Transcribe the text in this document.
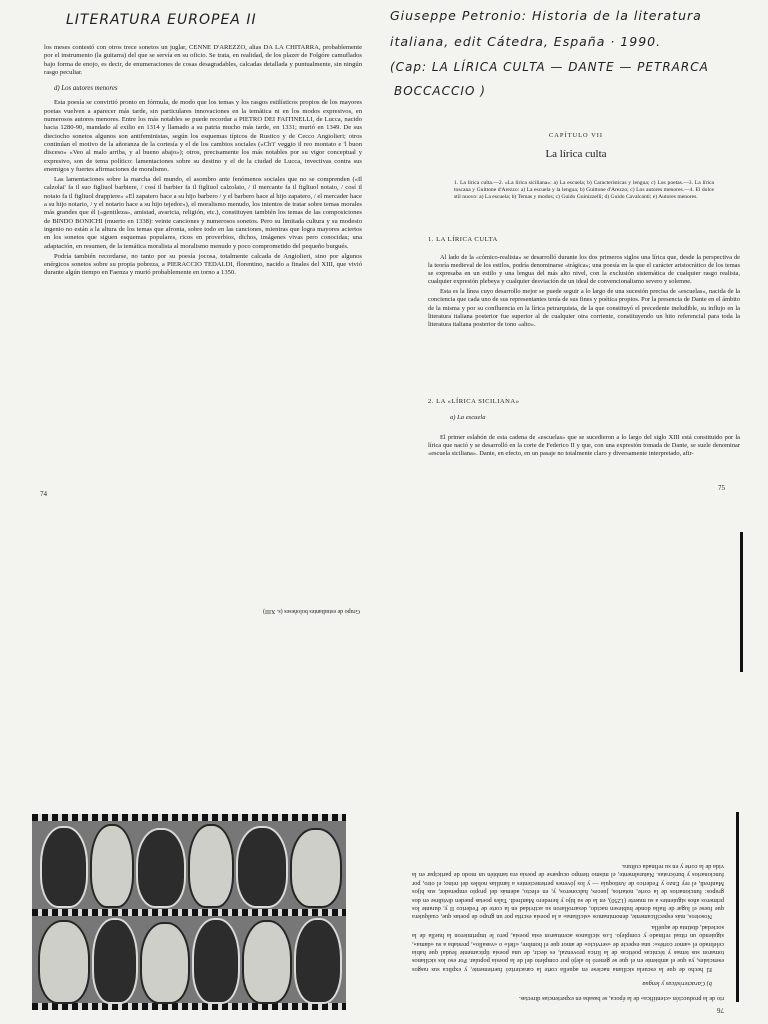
LITERATURA EUROPEA II

los meses contestó con otros trece sonetos un juglar, CENNE D'AREZZO, alias DA LA CHITARRA, probablemente por el instrumento (la guitarra) del que se servía en su oficio. Se trata, en realidad, de los plazer de Folgóre camuflados bajo forma de enojo, es decir, de enumeraciones de cosas desagradables, calcadas detallada y puntualmente, sin ningún rasgo peculiar.

d) Los autores menores

Esta poesía se convirtió pronto en fórmula, de modo que los temas y los rasgos estilísticos propios de los mayores poetas vuelven a aparecer más tarde, sin particulares innovaciones en la temática ni en los modos expresivos, en numerosos autores menores. Entre los más notables se puede recordar a PIETRO DEI FAITINELLI, de Lucca, nacido hacia 1280-90, mandado al exilio en 1314 y llamado a su patria mucho más tarde, en 1331; murió en 1349. De sus dieciocho sonetos algunos son antifeministas, según los esquemas típicos de Rustico y de Cecco Angiolieri; otros continúan el motivo de la añoranza de la cortesía y el de los cambios sociales («Ch'i' veggio il reo montato e 'l buon disceso» «Veo al malo arriba, y al bueno abajo»); otros, precisamente los más notables por su vigor conceptual y expresivo, son de tema político: lamentaciones sobre su destino y el de la ciudad de Lucca, invectivas contra sus enemigos y fuertes afirmaciones de moralismo.

Las lamentaciones sobre la marcha del mundo, el asombro ante fenómenos sociales que no se comprenden («Il calzolai' fa il suo figliuol barbiere, / cosí il barbier fa il figliuol calzolaio, / il mercante fa il figliuol notaio, / cosí il notaio fa il figliuol drappiere» «El zapatero hace a su hijo barbero / y el barbero hace al hijo zapatero, / el mercader hace a su hijo notario, / y el notario hace a su hijo tejedor»), el moralismo menudo, los intentos de tratar sobre temas morales más grandes que él («gentileza», amistad, avaricia, religión, etc.), constituyen también los temas de las composiciones de BINDO BONICHI (muerto en 1338): veinte canciones y numerosos sonetos. Pero su limitada cultura y su modesto ingenio no están a la altura de los temas que afronta, sobre todo en las canciones, mientras que logra mayores aciertos en los sonetos que siguen esquemas populares, ricos en proverbios, dichos, imágenes vivas pero conocidas; una adaptación, en resumen, de la temática moralista al moralismo menudo y poco comprometido del pequeño burgués.

Podría también recordarse, no tanto por su poesía jocosa, totalmente calcada de Angiolieri, sino por algunos enérgicos sonetos sobre su propia pobreza, a PIERACCIO TEDALDI, florentino, nacido a finales del XIII, que vivió durante algún tiempo en Faenza y murió probablemente en torno a 1350.

74
Giuseppe Petronio: Historia de la literatura
italiana, edit Cátedra, España · 1990.
(Cap: LA LÍRICA CULTA — DANTE — PETRARCA
BOCCACCIO )
CAPÍTULO VII
La lírica culta
1. La lírica culta.—2. «La lírica siciliana»: a) La escuela; b) Características y lengua; c) Los poetas.—3. La lírica toscana y Guittone d'Arezzo: a) La escuela y la lengua; b) Guittone d'Arezzo; c) Los autores menores.—4. El dolce stil nuovo: a) La escuela; b) Temas y modos; c) Guido Guinizzelli; d) Guido Cavalcanti; e) Autores menores.
1. LA LÍRICA CULTA

Al lado de la «cómico-realista» se desarrolló durante los dos primeros siglos una lírica que, desde la perspectiva de la teoría medieval de los estilos, podría denominarse «trágica»; una poesía en la que el carácter aristocrático de los temas se expresaba en un estilo y una lengua del más alto nivel, con la exclusión sistemática de cualquier rasgo realista, cualquier expresión plebeya y cualquier desviación de un ideal de convencionalismo severo y solemne.

Esta es la línea cuyo desarrollo mejor se puede seguir a lo largo de una sucesión precisa de «escuelas», nacida de la conciencia que cada uno de sus representantes tenía de sus fines y poética propios. Por la presencia de Dante en el ámbito de la misma y por su confluencia en la lírica petrarquista, de la que constituyó el precedente ineludible, su influjo en la literatura italiana posterior fue superior al de cualquier otra corriente, constituyendo un hito referencial para toda la literatura italiana posterior de tono «alto».

2. LA «LÍRICA SICILIANA»
a) La escuela

El primer eslabón de esta cadena de «escuelas» que se sucedieron a lo largo del siglo XIII está constituido por la lírica que nació y se desarrolló en la corte de Federico II y que, con una expresión tomada de Dante, se suele denominar «escuela siciliana». Dante, en efecto, en un pasaje no totalmente claro y diversamente interpretado, afir-

75
76

rio de la producción «científica» de la época, se basaba en experiencias directas.

b) Características y lengua

El hecho de que la escuela siciliana naciese en aquella corte la caracterizó fuertemente, y explica sus rasgos esenciales, ya que el ambiente en el que se generó lo alejó por completo del de la poesía popular. Por eso los sicilianos tomaron sus temas y técnicas poéticas de la lírica provenzal, es decir, de una poesía típicamente feudal que había celebrado el «amor cortés»: una especie de «servicio» de amor que el hombre, «fiel» o «vasallo», prestaba a su «dama», siguiendo un ritual refinado y complejo. Los sicilianos acentuaron esta poesía, pero le imprimieron la huella de la sociedad, distinta de aquélla.

Nosotros, más específicamente, denominamos «siciliana» a la poesía escrita por un grupo de poetas que, cualquiera que fuese el lugar de Italia donde hubiesen nacido, desarrollaron su actividad en la corte de Federico II y, durante los primeros años siguientes a su muerte (1250), en la de su hijo y heredero Manfredi. Tales poetas pueden dividirse en dos grupos: funcionarios de la corte, notarios, jueces, halconeros, y, en efecto, además del propio emperador, sus hijos Manfredi, el rey Enzo y Federico de Antioquía — y los jóvenes pertenecientes a familias nobles del reino; el otro, por funcionarios y burócratas. Naturalmente, el mismo tiempo ocuparse de poesía era también un modo de participar en la vida de la corte y en su refinada cultura.

Grupo de estudiantes boloñeses (s. XIII)
